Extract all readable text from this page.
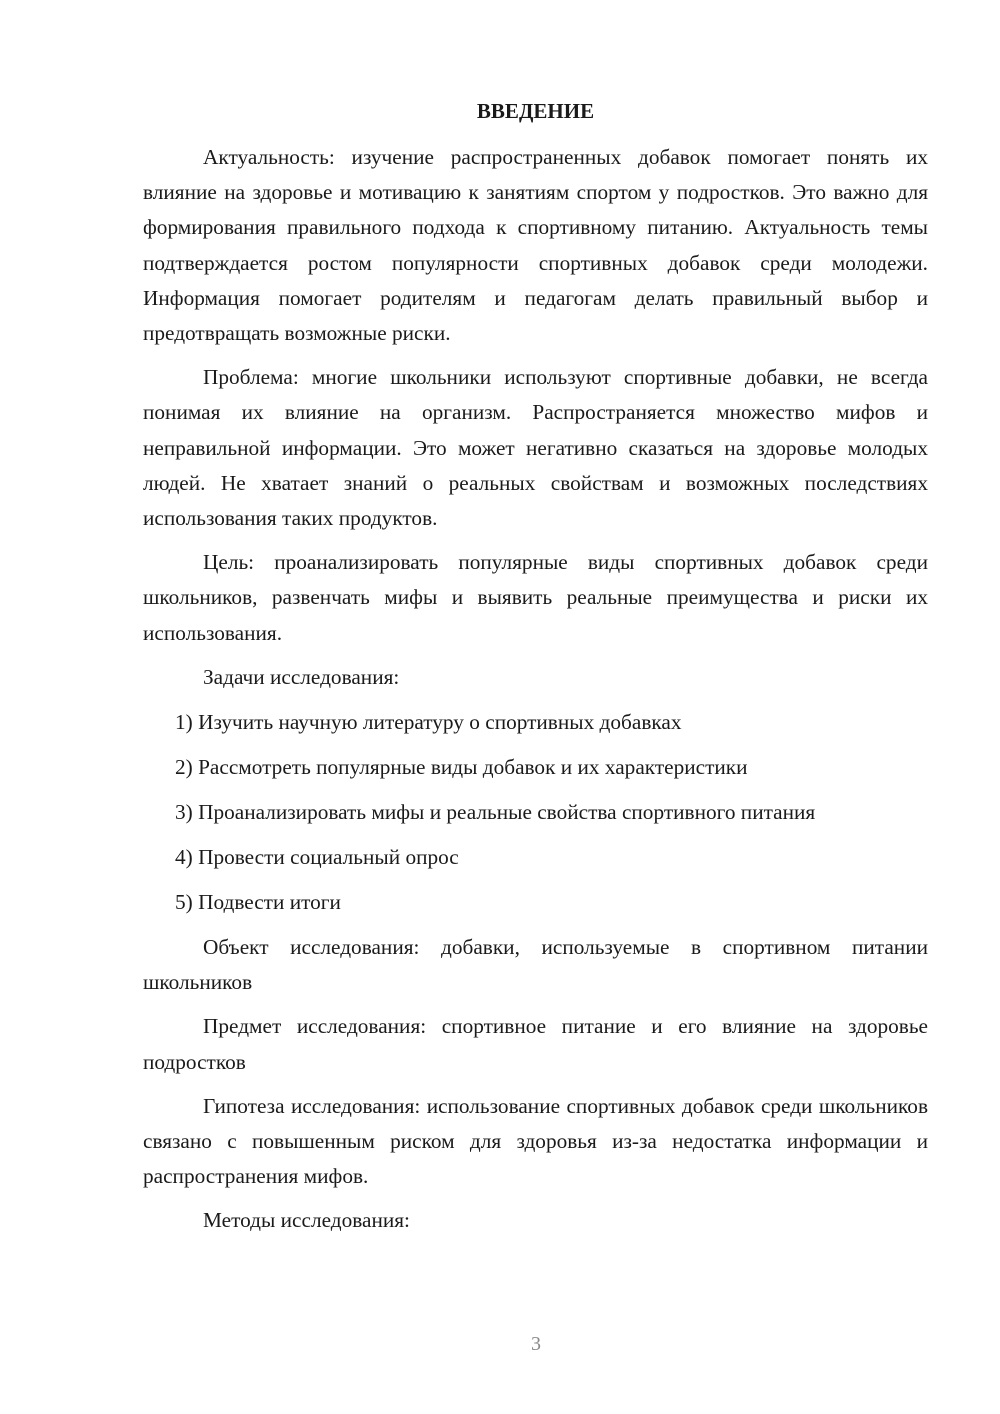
ВВЕДЕНИЕ

Актуальность: изучение распространенных добавок помогает понять их влияние на здоровье и мотивацию к занятиям спортом у подростков. Это важно для формирования правильного подхода к спортивному питанию. Актуальность темы подтверждается ростом популярности спортивных добавок среди молодежи. Информация помогает родителям и педагогам делать правильный выбор и предотвращать возможные риски.

Проблема: многие школьники используют спортивные добавки, не всегда понимая их влияние на организм. Распространяется множество мифов и неправильной информации. Это может негативно сказаться на здоровье молодых людей. Не хватает знаний о реальных свойствам и возможных последствиях использования таких продуктов.

Цель: проанализировать популярные виды спортивных добавок среди школьников, развенчать мифы и выявить реальные преимущества и риски их использования.

Задачи исследования:
1) Изучить научную литературу о спортивных добавках
2) Рассмотреть популярные виды добавок и их характеристики
3) Проанализировать мифы и реальные свойства спортивного питания
4) Провести социальный опрос
5) Подвести итоги

Объект исследования: добавки, используемые в спортивном питании школьников

Предмет исследования: спортивное питание и его влияние на здоровье подростков

Гипотеза исследования: использование спортивных добавок среди школьников связано с повышенным риском для здоровья из-за недостатка информации и распространения мифов.

Методы исследования:
3
